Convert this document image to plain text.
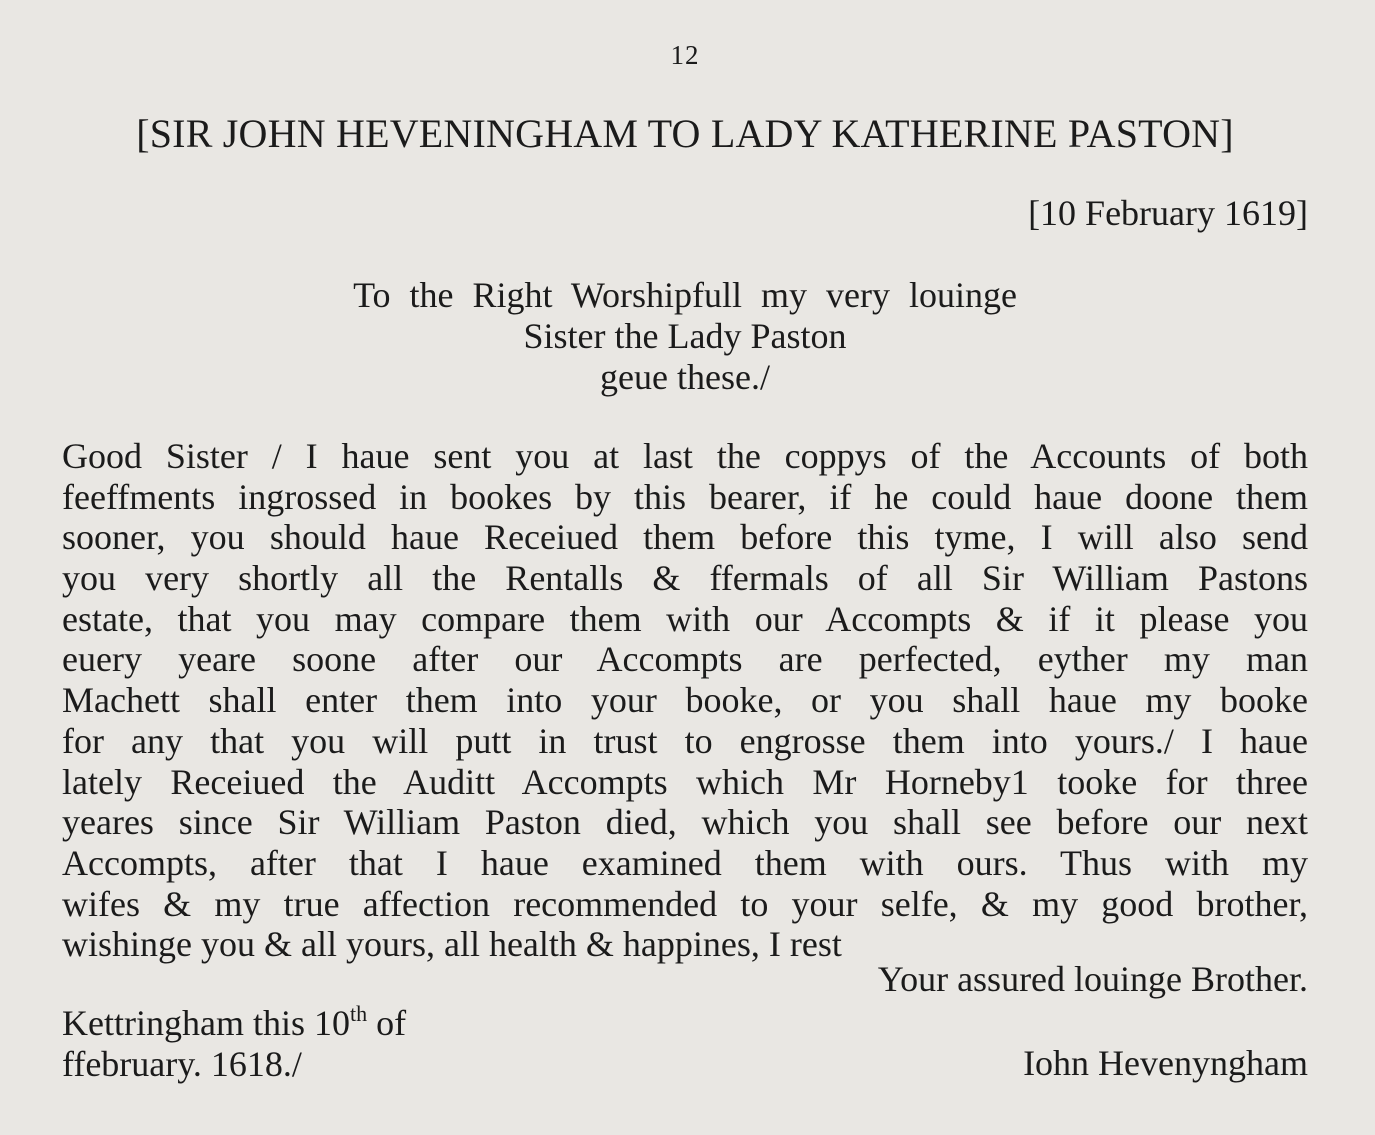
12
[SIR JOHN HEVENINGHAM TO LADY KATHERINE PASTON]
[10 February 1619]
To the Right Worshipfull my very louinge
Sister the Lady Paston
geue these./
Good Sister / I haue sent you at last the coppys of the Accounts of both
feeffments ingrossed in bookes by this bearer, if he could haue doone them
sooner, you should haue Receiued them before this tyme, I will also send
you very shortly all the Rentalls & ffermals of all Sir William Pastons
estate, that you may compare them with our Accompts & if it please you
euery yeare soone after our Accompts are perfected, eyther my man
Machett shall enter them into your booke, or you shall haue my booke
for any that you will putt in trust to engrosse them into yours./ I haue
lately Receiued the Auditt Accompts which Mr Horneby1 tooke for three
yeares since Sir William Paston died, which you shall see before our next
Accompts, after that I haue examined them with ours. Thus with my
wifes & my true affection recommended to your selfe, & my good brother,
wishinge you & all yours, all health & happines, I rest
Your assured louinge Brother.
Kettringham this 10th of
ffebruary. 1618./	Iohn Hevenyngham
